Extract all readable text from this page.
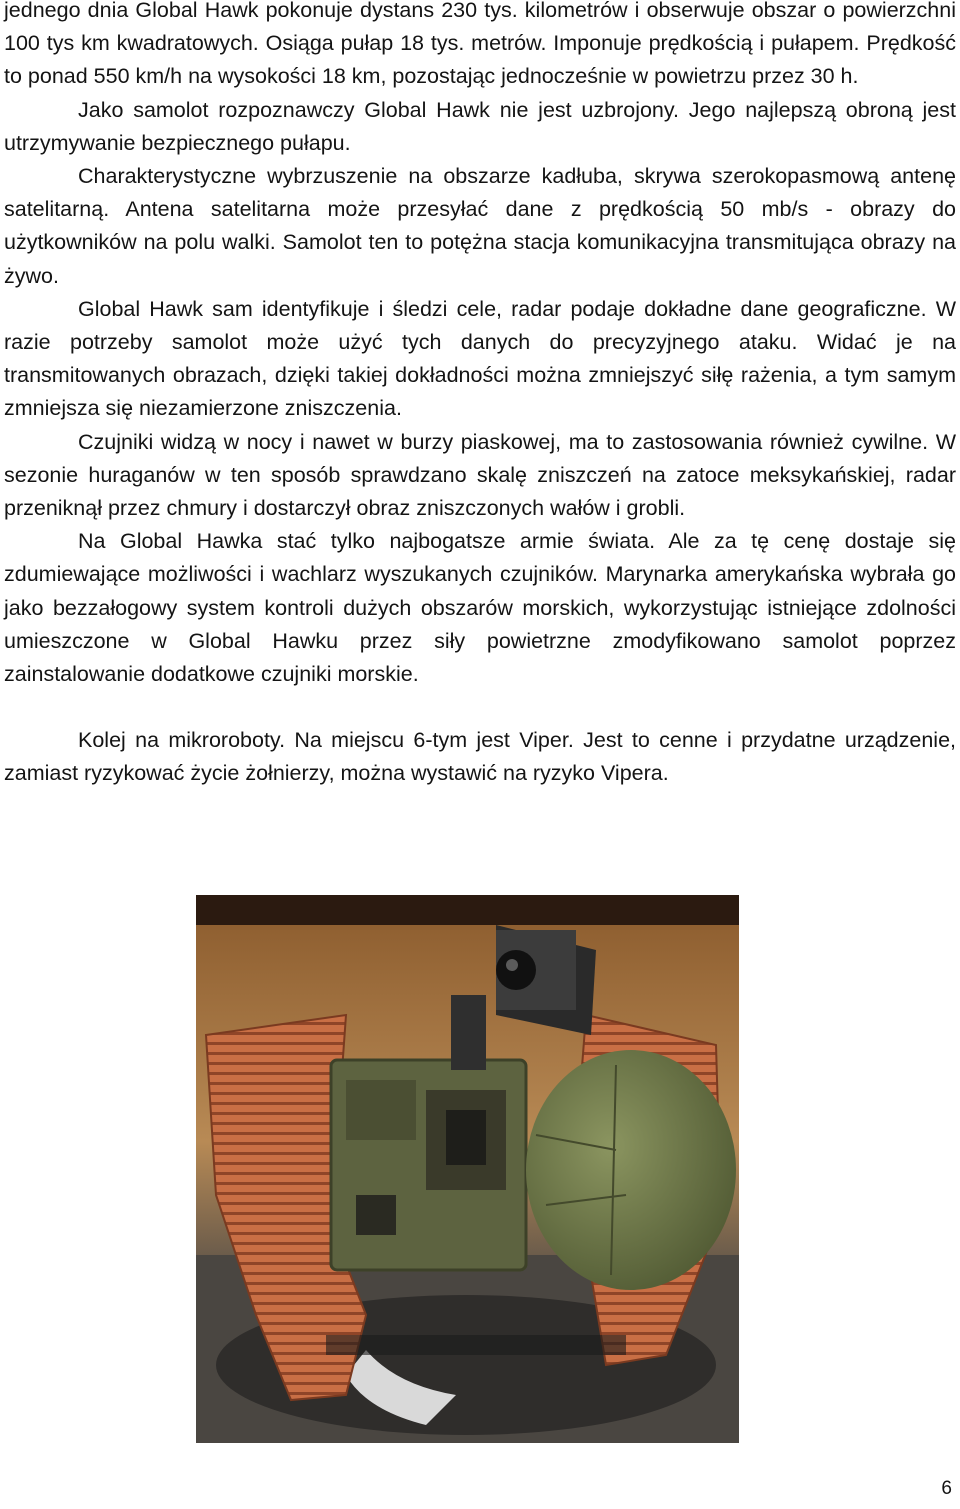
jednego dnia Global Hawk pokonuje dystans 230 tys. kilometrów i obserwuje obszar o powierzchni 100 tys km kwadratowych. Osiąga pułap 18 tys. metrów. Imponuje prędkością i pułapem. Prędkość to ponad 550 km/h na wysokości 18 km, pozostając jednocześnie w powietrzu przez 30 h.

Jako samolot rozpoznawczy Global Hawk nie jest uzbrojony. Jego najlepszą obroną jest utrzymywanie bezpiecznego pułapu.

Charakterystyczne wybrzuszenie na obszarze kadłuba, skrywa szerokopasmową antenę satelitarną. Antena satelitarna może przesyłać dane z prędkością 50 mb/s - obrazy do użytkowników na polu walki. Samolot ten to potężna stacja komunikacyjna transmitująca obrazy na żywo.

Global Hawk sam identyfikuje i śledzi cele, radar podaje dokładne dane geograficzne. W razie potrzeby samolot może użyć tych danych do precyzyjnego ataku. Widać je na transmitowanych obrazach, dzięki takiej dokładności można zmniejszyć siłę rażenia, a tym samym zmniejsza się niezamierzone zniszczenia.

Czujniki widzą w nocy i nawet w burzy piaskowej, ma to zastosowania również cywilne. W sezonie huraganów w ten sposób sprawdzano skalę zniszczeń na zatoce meksykańskiej, radar przeniknął przez chmury i dostarczył obraz zniszczonych wałów i grobli.

Na Global Hawka stać tylko najbogatsze armie świata. Ale za tę cenę dostaje się zdumiewające możliwości i wachlarz wyszukanych czujników. Marynarka amerykańska wybrała go jako bezzałogowy system kontroli dużych obszarów morskich, wykorzystując istniejące zdolności umieszczone w Global Hawku przez siły powietrzne zmodyfikowano samolot poprzez zainstalowanie dodatkowe czujniki morskie.

Kolej na mikroroboty. Na miejscu 6-tym jest Viper. Jest to cenne i przydatne urządzenie, zamiast ryzykować życie żołnierzy, można wystawić na ryzyko Vipera.

6
